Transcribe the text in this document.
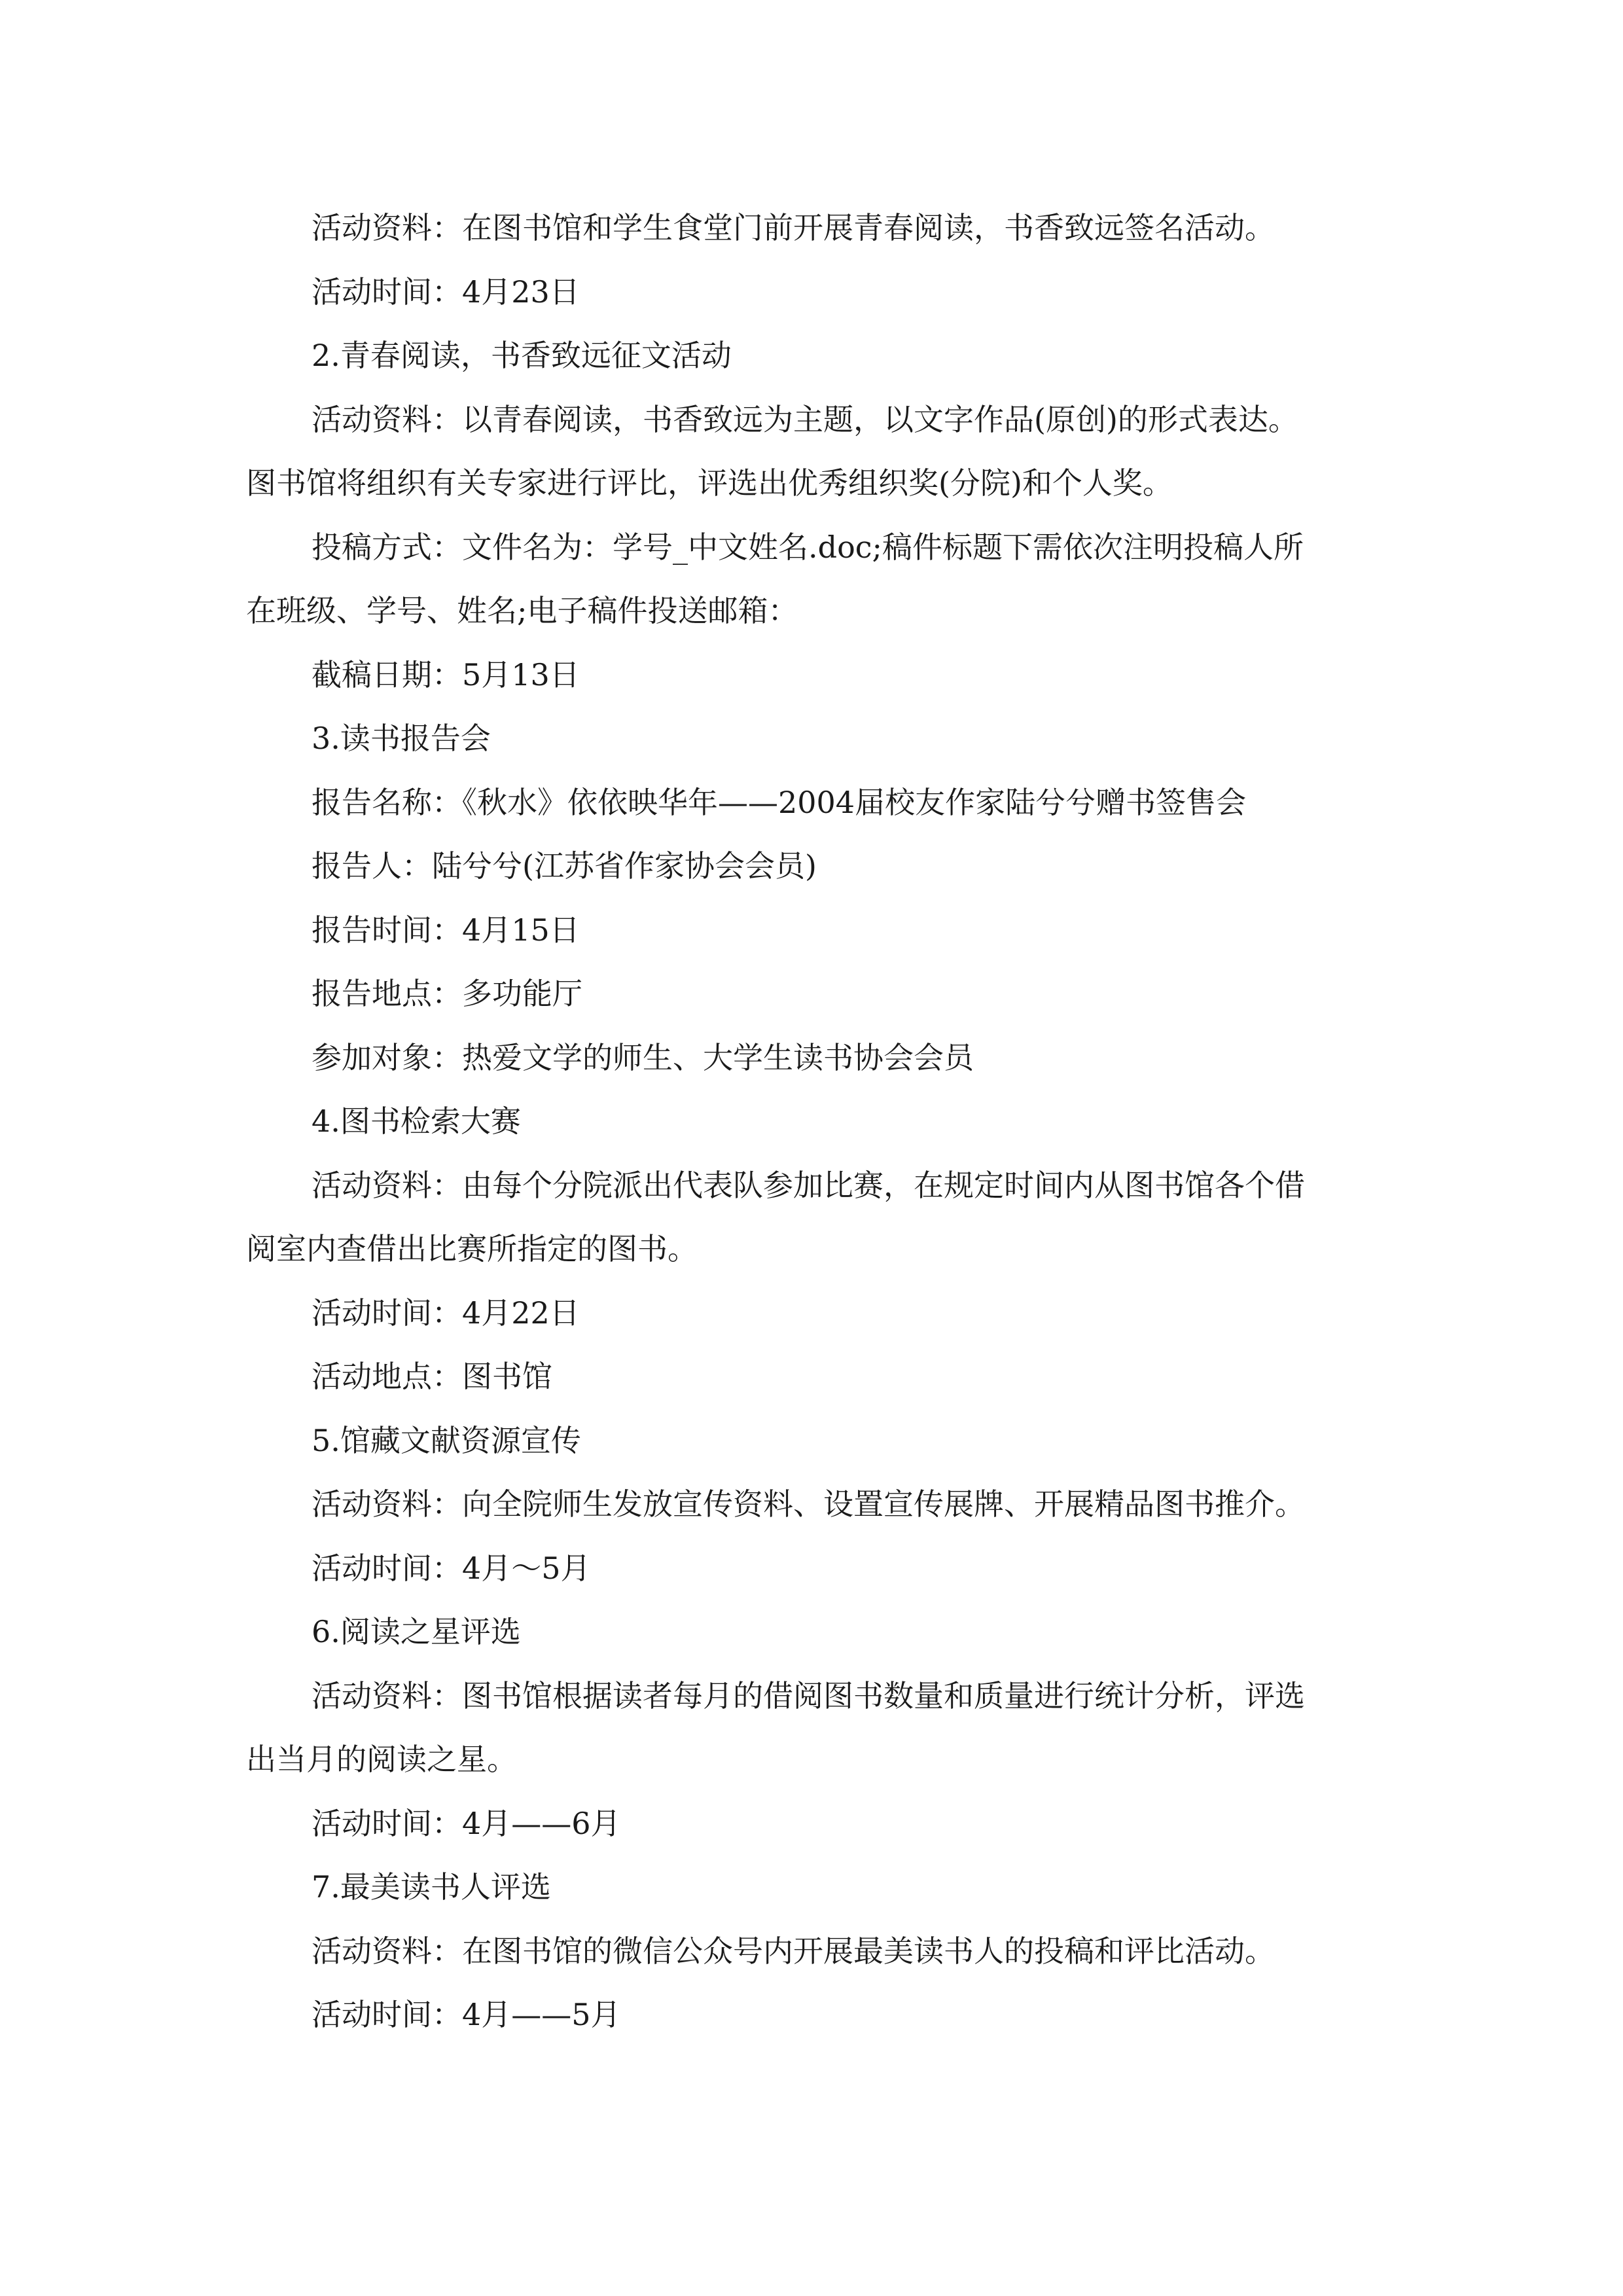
活动资料：在图书馆和学生食堂门前开展青春阅读，书香致远签名活动。

活动时间：4月23日

2.青春阅读，书香致远征文活动

活动资料：以青春阅读，书香致远为主题，以文字作品(原创)的形式表达。

图书馆将组织有关专家进行评比，评选出优秀组织奖(分院)和个人奖。

投稿方式：文件名为：学号_中文姓名.doc;稿件标题下需依次注明投稿人所

在班级、学号、姓名;电子稿件投送邮箱：

截稿日期：5月13日

3.读书报告会

报告名称：《秋水》依依映华年——2004届校友作家陆兮兮赠书签售会

报告人：陆兮兮(江苏省作家协会会员)

报告时间：4月15日

报告地点：多功能厅

参加对象：热爱文学的师生、大学生读书协会会员

4.图书检索大赛

活动资料：由每个分院派出代表队参加比赛，在规定时间内从图书馆各个借

阅室内查借出比赛所指定的图书。

活动时间：4月22日

活动地点：图书馆

5.馆藏文献资源宣传

活动资料：向全院师生发放宣传资料、设置宣传展牌、开展精品图书推介。

活动时间：4月～5月

6.阅读之星评选

活动资料：图书馆根据读者每月的借阅图书数量和质量进行统计分析，评选

出当月的阅读之星。

活动时间：4月——6月

7.最美读书人评选

活动资料：在图书馆的微信公众号内开展最美读书人的投稿和评比活动。

活动时间：4月——5月
